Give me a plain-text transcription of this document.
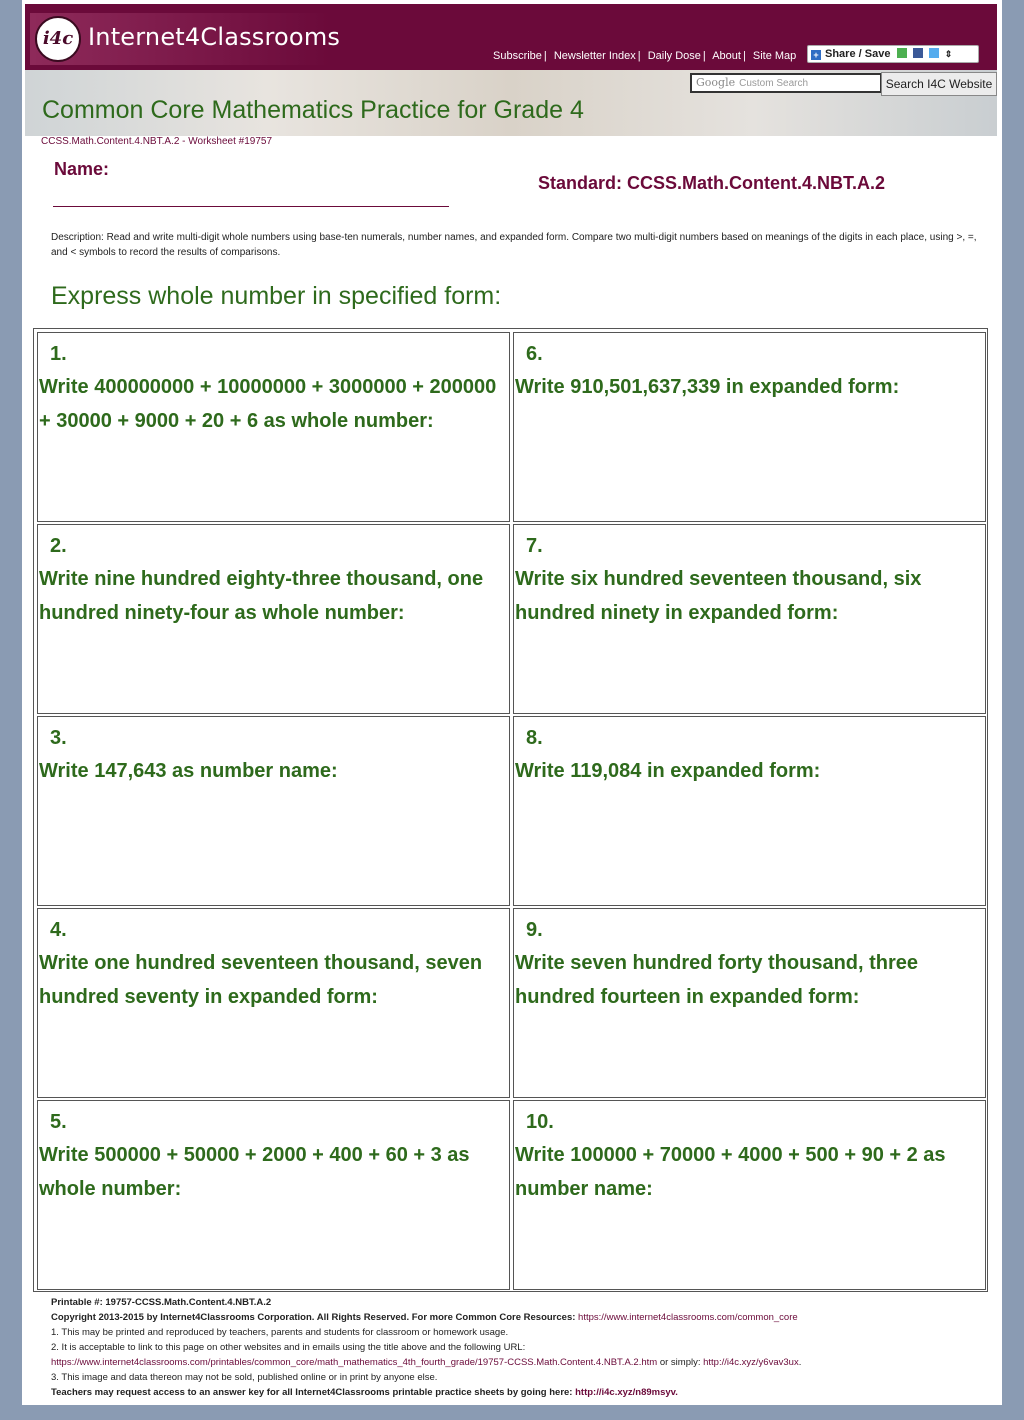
i4c Internet4Classrooms
Subscribe | Newsletter Index | Daily Dose | About | Site Map	+ Share / Save	⇕
Google Custom Search	Search I4C Website
Common Core Mathematics Practice for Grade 4
CCSS.Math.Content.4.NBT.A.2 - Worksheet #19757
Name:
Standard: CCSS.Math.Content.4.NBT.A.2
Description: Read and write multi-digit whole numbers using base-ten numerals, number names, and expanded form. Compare two multi-digit numbers based on meanings of the digits in each place, using >, =, and < symbols to record the results of comparisons.
Express whole number in specified form:
1.
Write 400000000 + 10000000 + 3000000 + 200000 + 30000 + 9000 + 20 + 6 as whole number:
2.
Write nine hundred eighty-three thousand, one hundred ninety-four as whole number:
3.
Write 147,643 as number name:
4.
Write one hundred seventeen thousand, seven hundred seventy in expanded form:
5.
Write 500000 + 50000 + 2000 + 400 + 60 + 3 as whole number:
6.
Write 910,501,637,339 in expanded form:
7.
Write six hundred seventeen thousand, six hundred ninety in expanded form:
8.
Write 119,084 in expanded form:
9.
Write seven hundred forty thousand, three hundred fourteen in expanded form:
10.
Write 100000 + 70000 + 4000 + 500 + 90 + 2 as number name:
Printable #: 19757-CCSS.Math.Content.4.NBT.A.2
Copyright 2013-2015 by Internet4Classrooms Corporation. All Rights Reserved. For more Common Core Resources: https://www.internet4classrooms.com/common_core
1. This may be printed and reproduced by teachers, parents and students for classroom or homework usage.
2. It is acceptable to link to this page on other websites and in emails using the title above and the following URL:
https://www.internet4classrooms.com/printables/common_core/math_mathematics_4th_fourth_grade/19757-CCSS.Math.Content.4.NBT.A.2.htm or simply: http://i4c.xyz/y6vav3ux.
3. This image and data thereon may not be sold, published online or in print by anyone else.
Teachers may request access to an answer key for all Internet4Classrooms printable practice sheets by going here: http://i4c.xyz/n89msyv.
